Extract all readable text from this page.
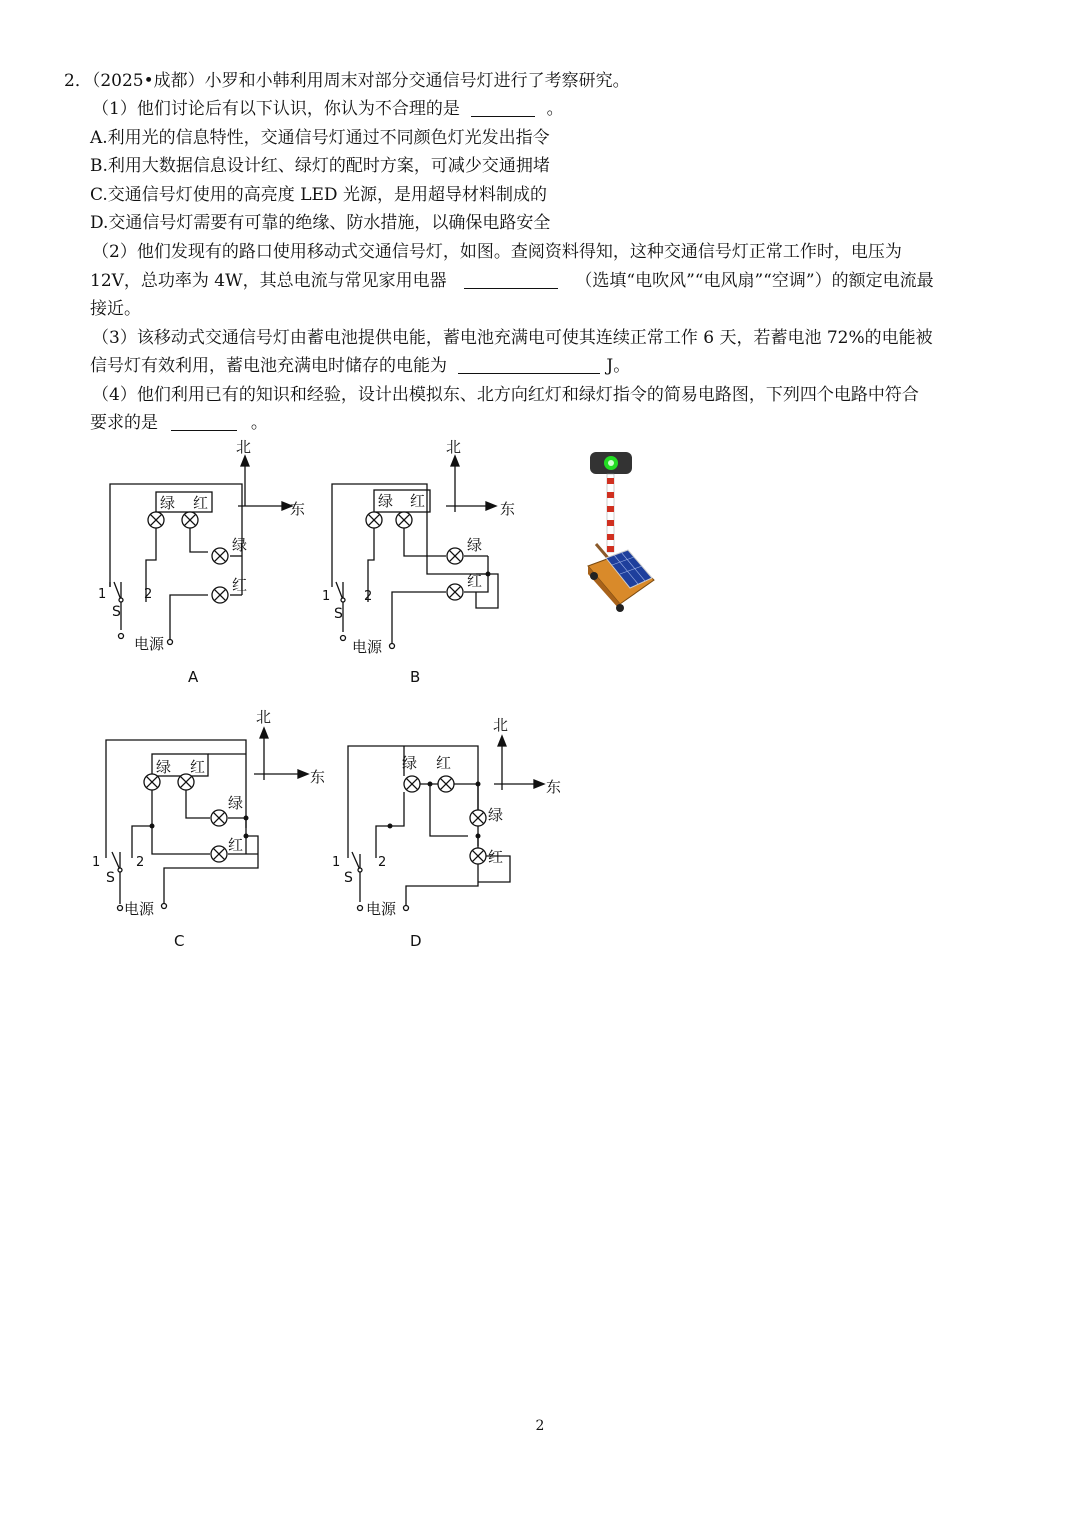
2．（2025•成都）小罗和小韩利用周末对部分交通信号灯进行了考察研究。
（1）他们讨论后有以下认识，你认为不合理的是	。
A.利用光的信息特性，交通信号灯通过不同颜色灯光发出指令
B.利用大数据信息设计红、绿灯的配时方案，可减少交通拥堵
C.交通信号灯使用的高亮度 LED 光源，是用超导材料制成的
D.交通信号灯需要有可靠的绝缘、防水措施，以确保电路安全
（2）他们发现有的路口使用移动式交通信号灯，如图。查阅资料得知，这种交通信号灯正常工作时，电压为
12V，总功率为 4W，其总电流与常见家用电器	（选填“电吹风”“电风扇”“空调”）的额定电流最
接近。
（3）该移动式交通信号灯由蓄电池提供电能，蓄电池充满电可使其连续正常工作 6 天，若蓄电池 72%的电能被
信号灯有效利用，蓄电池充满电时储存的电能为	J。
（4）他们利用已有的知识和经验，设计出模拟东、北方向红灯和绿灯指令的简易电路图，下列四个电路中符合
要求的是	。
绿 红
绿
红
北
东
1	2
S
电源
A
绿 红
绿
红
北
东
1	2
S
电源
B
绿 红
绿
红
北
东
1	2
S
电源
C
绿 红
绿
红
北
东
1	2
S
电源
D
2
